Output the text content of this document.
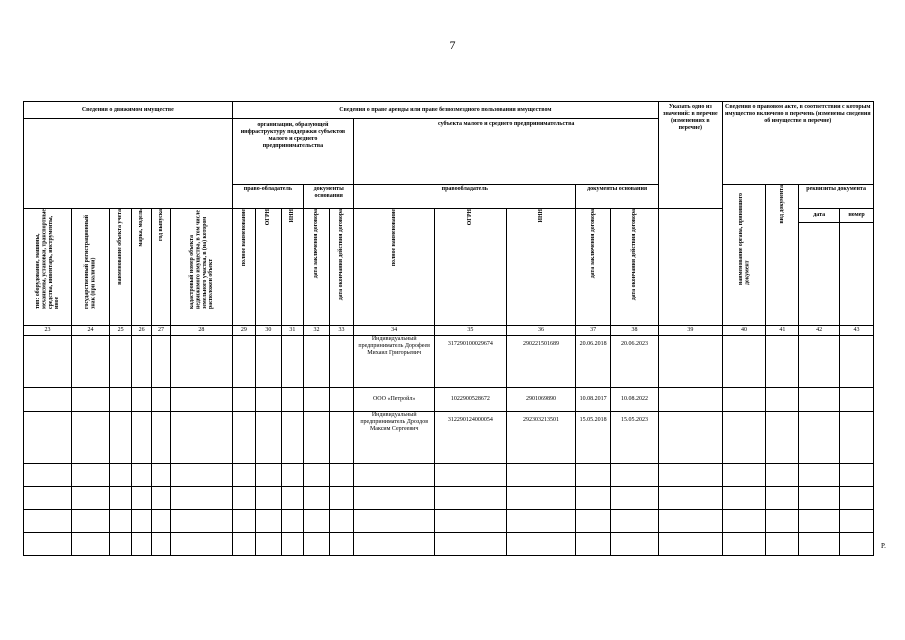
7
P.
Сведения о движимом имуществе						Сведения о праве аренды или праве безвозмездного пользования имуществом										Указать одно из значений: в перечне (изменениях в перечне)	Сведения о правовом акте, в соответствии с которым имущество включено в перечень (изменены сведения об имуществе в перечне)			
						организации, образующей инфраструктуру поддержки субъектов малого и среднего предпринимательства					субъекта малого и среднего предпринимательства									
						право-обладатель			документы основания		правообладатель			документы основания			наименование органа, принявшего документ	вид документа	реквизиты документа	
тип: оборудование, машины, механизмы, установки, транспортные средства, инвентарь, инструменты, иное	государственный регистрационный знак (при наличии)	наименование объекта учета	марка, модель	год выпуска	кадастровый номер объекта недвижимого имущества, в том числе земельного участка, в (на) котором расположен объект	полное наименование	ОГРН	ИНН	дата заключения договора	дата окончания действия договора	полное наименование	ОГРН	ИНН	дата заключения договора	дата окончания действия договора				дата	номер

23	24	25	26	27	28	29	30	31	32	33	34	35	36	37	38	39	40	41	42	43
											Индивидуальный предприниматель Дорофеев Михаил Григорьевич	317290100029674	290221501689	20.06.2018	20.06.2023					

											ООО «Петройл»	1022900528672	2901069890	10.08.2017	10.08.2022					
											Индивидуальный предприниматель Дроздов Максим Сергеевич	312290124000054	292303213501	15.05.2018	15.05.2023					
